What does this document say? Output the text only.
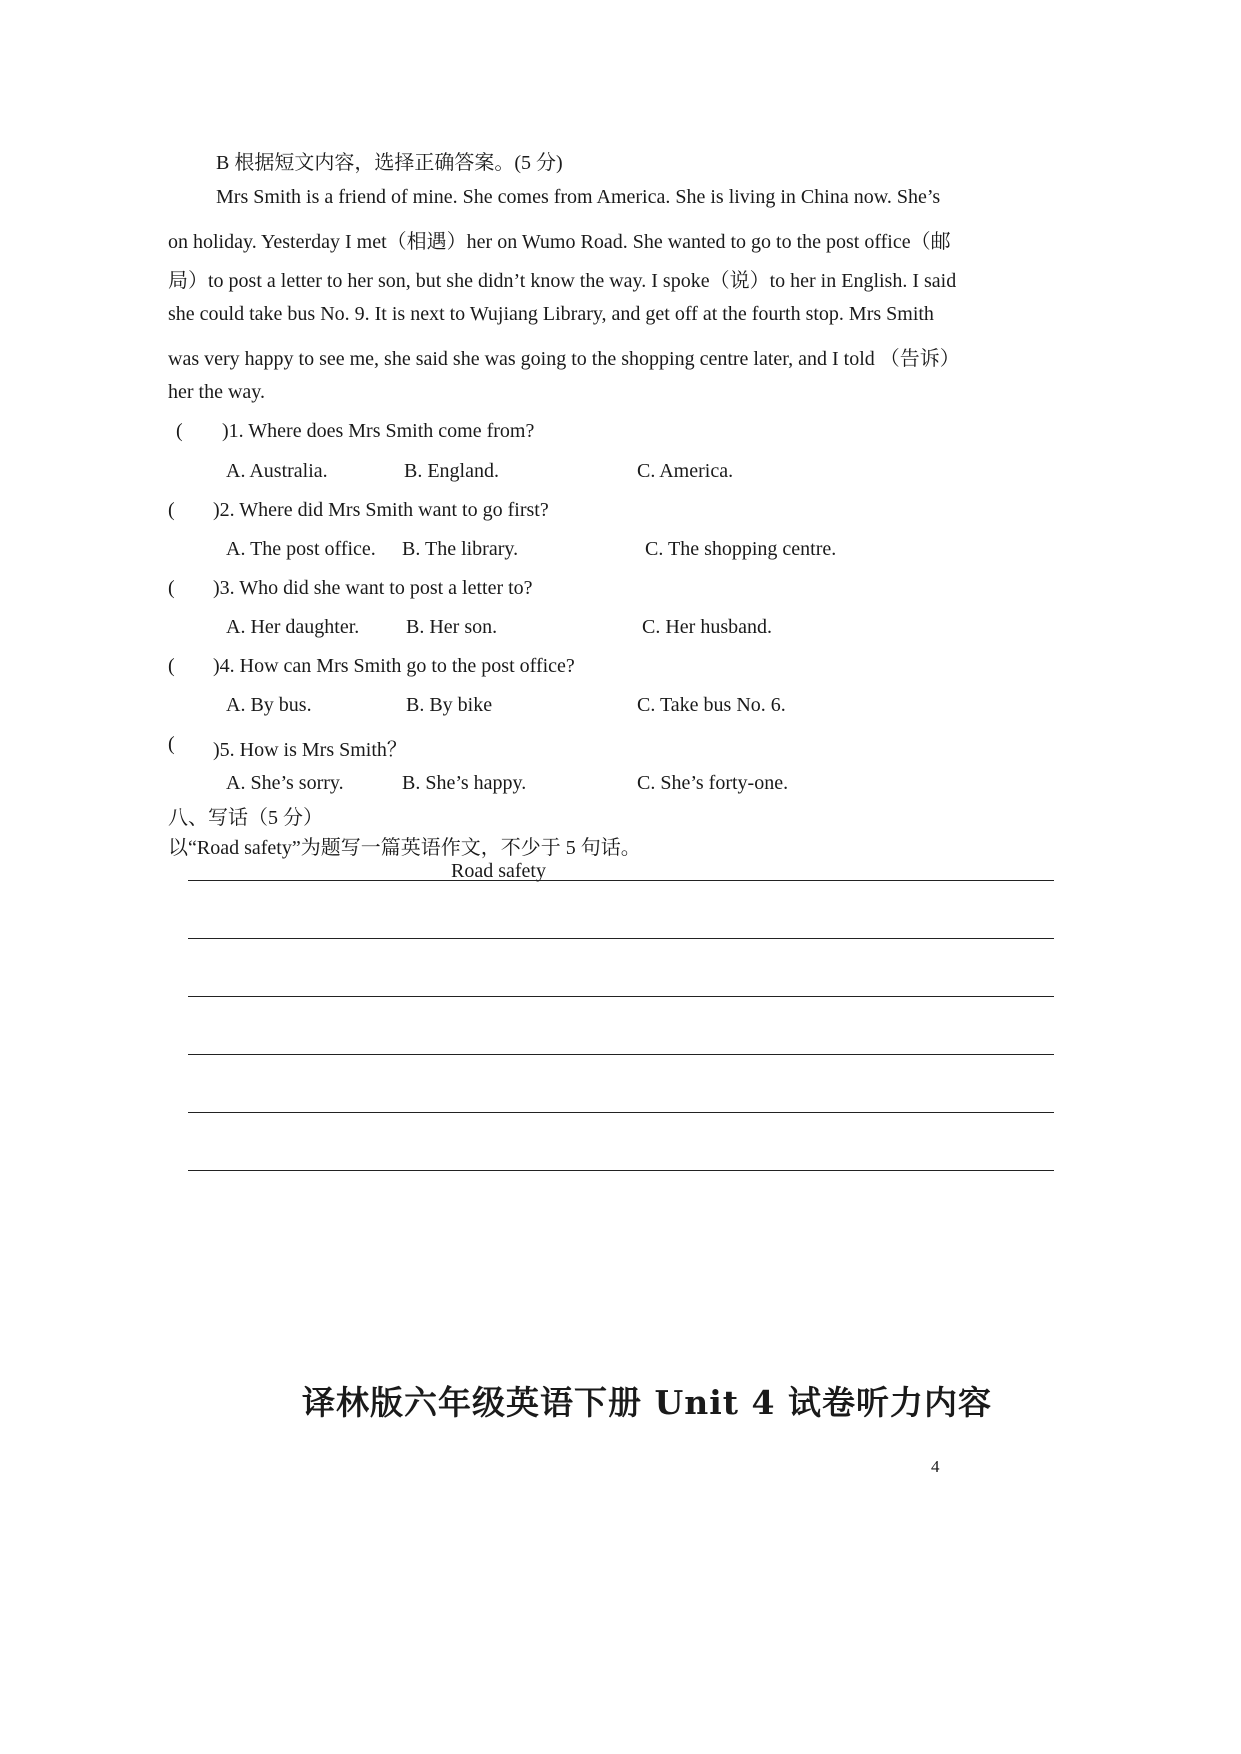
B 根据短文内容，选择正确答案。(5 分)
Mrs Smith is a friend of mine. She comes from America. She is living in China now. She’s
on holiday. Yesterday I met（相遇）her on Wumo Road. She wanted to go to the post office（邮
局）to post a letter to her son, but she didn’t know the way. I spoke（说）to her in English. I said
she could take bus No. 9. It is next to Wujiang Library, and get off at the fourth stop. Mrs Smith
was very happy to see me, she said she was going to the shopping centre later, and I told （告诉）
her the way.
( )1. Where does Mrs Smith come from?
A. Australia.	B. England.	C. America.
( )2. Where did Mrs Smith want to go first?
A. The post office. B. The library.	C. The shopping centre.
( )3. Who did she want to post a letter to?
A. Her daughter. B. Her son.	C. Her husband.
( )4. How can Mrs Smith go to the post office?
A. By bus.	B. By bike	C. Take bus No. 6.
( )5. How is Mrs Smith？
A. She’s sorry.	B. She’s happy.	C. She’s forty-one.
八、写话（5 分）
以“Road safety”为题写一篇英语作文，不少于 5 句话。
Road safety
译林版六年级英语下册 Unit 4 试卷听力内容
4
